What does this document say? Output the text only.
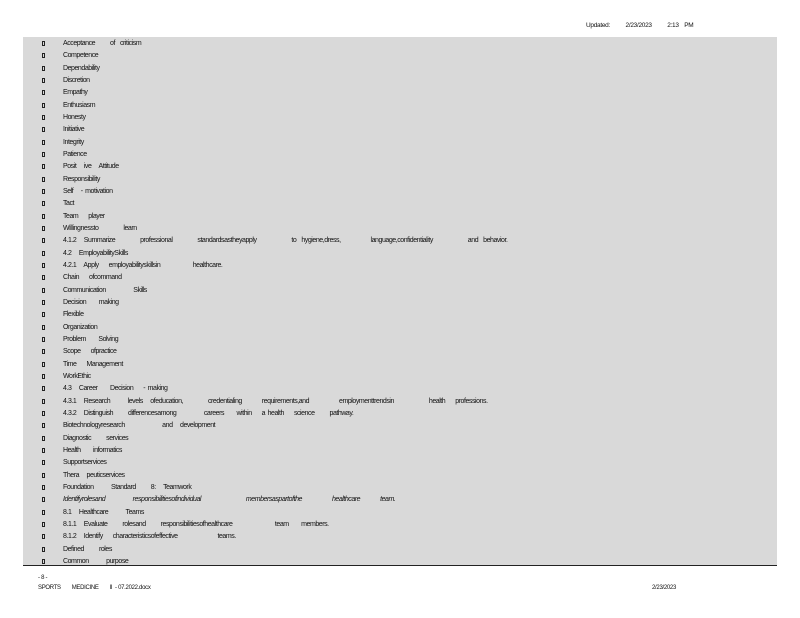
Updated: 2/23/2023 2:13 PM
Acceptance      of  criticism
Competence
Dependability
Discretion
Empathy
Enthusiasm
Honesty
Initiative
Integrity
Patience
Posit   ive   Attitude
Responsibility
Self   - motivation
Tact
Team    player
Willingnessto          learn
4.1.2   Summarize          professional          standardsastheyapply              to  hygiene,dress,            language,confidentiality              and  behavior.
4.2   EmployabilitySkills
4.2.1   Apply    employabilityskillsin             healthcare.
Chain    ofcommand
Communication           Skills
Decision     making
Flexible
Organization
Problem     Solving
Scope    ofpractice
Time    Management
WorkEthic
4.3   Career     Decision    - making
4.3.1   Research       levels   ofeducation,          credentialing        requirements,and            employmenttrendsin              health    professions.
4.3.2   Distinguish      differencesamong           careers     within    a health    science      pathway.
Biotechnologyresearch               and   development
Diagnostic      services
Health     informatics
Supportservices
Thera   peuticservices
Foundation       Standard      8:   Teamwork
Identifyrolesand           responsibilitiesofindividual                  membersaspartofthe            healthcare        team.
8.1   Healthcare       Teams
8.1.1   Evaluate      rolesand      responsibilitiesofhealthcare                 team     members.
8.1.2   Identify    characteristicsofeffective                teams.
Defined      roles
Common       purpose
- 8 -
SPORTS        MEDICINE        II  - 07.2022.docx	2/23/2023
